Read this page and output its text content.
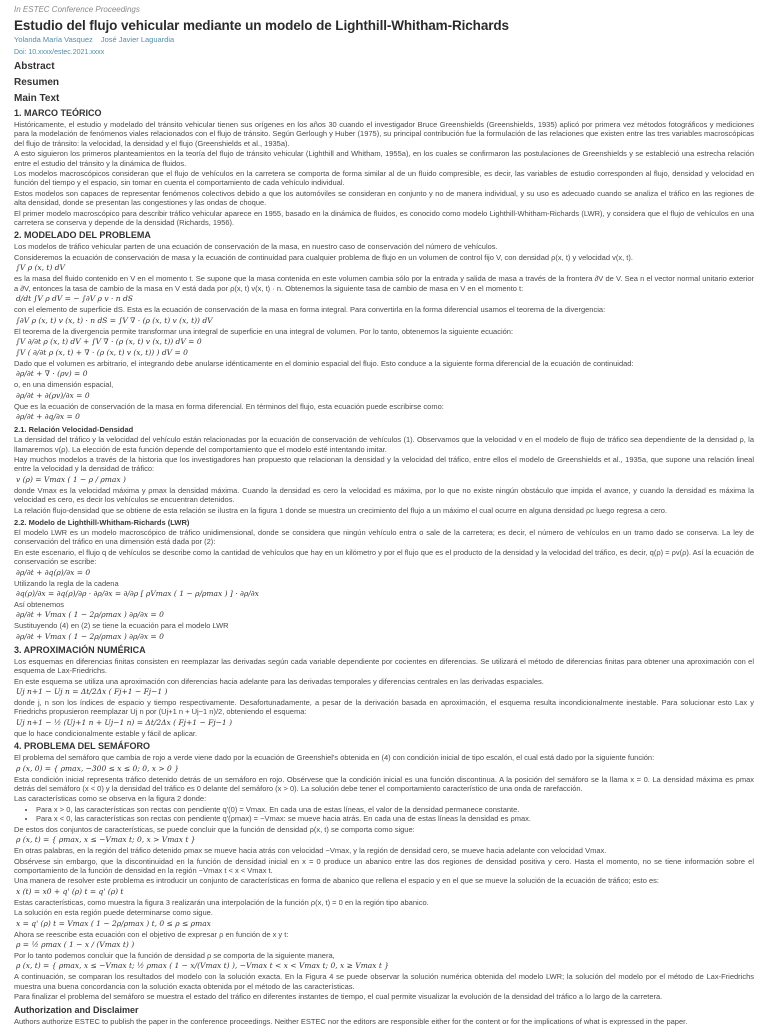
In ESTEC Conference Proceedings
Estudio del flujo vehicular mediante un modelo de Lighthill-Whitham-Richards
Yolanda María Vasquez José Javier Laguardia
Doi: 10.xxxx/estec.2021.xxxx
Abstract
Resumen
Main Text
1. MARCO TEÓRICO
Históricamente, el estudio y modelado del tránsito vehicular tienen sus orígenes en los años 30 cuando el investigador Bruce Greenshields (Greenshields, 1935) aplicó por primera vez métodos fotográficos y mediciones para la modelación de fenómenos viales relacionados con el flujo de tránsito. Según Gerlough y Huber (1975), su principal contribución fue la formulación de las relaciones que existen entre las tres variables macroscópicas del flujo de tránsito: la velocidad, la densidad y el flujo (Greenshields et al., 1935a).
A esto siguieron los primeros planteamientos en la teoría del flujo de tránsito vehicular (Lighthill and Whitham, 1955a), en los cuales se confirmaron las postulaciones de Greenshields y se estableció una estrecha relación entre el estudio del tránsito y la dinámica de fluidos.
Los modelos macroscópicos consideran que el flujo de vehículos en la carretera se comporta de forma similar al de un fluido compresible, es decir, las variables de estudio corresponden al flujo, densidad y velocidad en función del tiempo y el espacio, sin tomar en cuenta el comportamiento de cada vehículo individual.
Estos modelos son capaces de representar fenómenos colectivos debido a que los automóviles se consideran en conjunto y no de manera individual, y su uso es adecuado cuando se analiza el tráfico en las regiones de alta densidad, donde se presentan las congestiones y las ondas de choque.
El primer modelo macroscópico para describir tráfico vehicular aparece en 1955, basado en la dinámica de fluidos, es conocido como modelo Lighthill-Whitham-Richards (LWR), y considera que el flujo de vehículos en una carretera se conserva y depende de la densidad (Richards, 1956).
2. MODELADO DEL PROBLEMA
Los modelos de tráfico vehicular parten de una ecuación de conservación de la masa, en nuestro caso de conservación del número de vehículos.
Consideremos la ecuación de conservación de masa y la ecuación de continuidad para cualquier problema de flujo en un volumen de control fijo V, con densidad ρ(x, t) y velocidad v(x, t).
∫V ρ (x, t) dV
es la masa del fluido contenido en V en el momento t. Se supone que la masa contenida en este volumen cambia sólo por la entrada y salida de masa a través de la frontera ∂V de V. Sea n el vector normal unitario exterior a ∂V, entonces la tasa de cambio de la masa en V está dada por ρ(x, t) v(x, t) · n. Obtenemos la siguiente tasa de cambio de masa en V en el momento t:
d/dt ∫V ρ dV = − ∫∂V ρ v · n dS
con el elemento de superficie dS. Esta es la ecuación de conservación de la masa en forma integral. Para convertirla en la forma diferencial usamos el teorema de la divergencia:
∫∂V ρ (x, t) v (x, t) · n dS = ∫V ∇ · (ρ (x, t) v (x, t)) dV
El teorema de la divergencia permite transformar una integral de superficie en una integral de volumen. Por lo tanto, obtenemos la siguiente ecuación:
∫V ∂/∂t ρ (x, t) dV + ∫V ∇ · (ρ (x, t) v (x, t)) dV = 0
∫V ( ∂/∂t ρ (x, t) + ∇ · (ρ (x, t) v (x, t)) ) dV = 0
Dado que el volumen es arbitrario, el integrando debe anularse idénticamente en el dominio espacial del flujo. Esto conduce a la siguiente forma diferencial de la ecuación de continuidad:
∂ρ/∂t + ∇ · (ρv) = 0
o, en una dimensión espacial,
∂ρ/∂t + ∂(ρv)/∂x = 0
Que es la ecuación de conservación de la masa en forma diferencial. En términos del flujo, esta ecuación puede escribirse como:
∂ρ/∂t + ∂q/∂x = 0
2.1. Relación Velocidad-Densidad
La densidad del tráfico y la velocidad del vehículo están relacionadas por la ecuación de conservación de vehículos (1). Observamos que la velocidad v en el modelo de flujo de tráfico sea dependiente de la densidad ρ, la llamaremos v(ρ). La elección de esta función depende del comportamiento que el modelo esté intentando imitar.
Hay muchos modelos a través de la historia que los investigadores han propuesto que relacionan la densidad y la velocidad del tráfico, entre ellos el modelo de Greenshields et al., 1935a, que supone una relación lineal entre la velocidad y la densidad de tráfico:
v (ρ) = Vmax ( 1 − ρ / ρmax )
donde Vmax es la velocidad máxima y ρmax la densidad máxima. Cuando la densidad es cero la velocidad es máxima, por lo que no existe ningún obstáculo que impida el avance, y cuando la densidad es máxima la velocidad es cero, es decir los vehículos se encuentran detenidos.
La relación flujo-densidad que se obtiene de esta relación se ilustra en la figura 1 donde se muestra un crecimiento del flujo a un máximo el cual ocurre en alguna densidad ρc luego regresa a cero.
2.2. Modelo de Lighthill-Whitham-Richards (LWR)
El modelo LWR es un modelo macroscópico de tráfico unidimensional, donde se considera que ningún vehículo entra o sale de la carretera; es decir, el número de vehículos en un tramo dado se conserva. La ley de conservación del tráfico en una dimensión está dada por (2):
En este escenario, el flujo q de vehículos se describe como la cantidad de vehículos que hay en un kilómetro y por el flujo que es el producto de la densidad y la velocidad del tráfico, es decir, q(ρ) = ρv(ρ). Así la ecuación de conservación se escribe:
∂ρ/∂t + ∂q(ρ)/∂x = 0
Utilizando la regla de la cadena
∂q(ρ)/∂x = ∂q(ρ)/∂ρ · ∂ρ/∂x = ∂/∂ρ [ ρVmax ( 1 − ρ/ρmax ) ] · ∂ρ/∂x
Así obtenemos
∂ρ/∂t + Vmax ( 1 − 2ρ/ρmax ) ∂ρ/∂x = 0
Sustituyendo (4) en (2) se tiene la ecuación para el modelo LWR
∂ρ/∂t + Vmax ( 1 − 2ρ/ρmax ) ∂ρ/∂x = 0
3. APROXIMACIÓN NUMÉRICA
Los esquemas en diferencias finitas consisten en reemplazar las derivadas según cada variable dependiente por cocientes en diferencias. Se utilizará el método de diferencias finitas para obtener una aproximación con el esquema de Lax-Friedrichs.
En este esquema se utiliza una aproximación con diferencias hacia adelante para las derivadas temporales y diferencias centrales en las derivadas espaciales.
Uj n+1 − Uj n = Δt/2Δx ( Fj+1 − Fj−1 )
donde j, n son los índices de espacio y tiempo respectivamente. Desafortunadamente, a pesar de la derivación basada en aproximación, el esquema resulta incondicionalmente inestable. Para solucionar esto Lax y Friedrichs propusieron reemplazar Uj n por (Uj+1 n + Uj−1 n)/2, obteniendo el esquema:
Uj n+1 − ½ (Uj+1 n + Uj−1 n) = Δt/2Δx ( Fj+1 − Fj−1 )
que lo hace condicionalmente estable y fácil de aplicar.
4. PROBLEMA DEL SEMÁFORO
El problema del semáforo que cambia de rojo a verde viene dado por la ecuación de Greenshiel's obtenida en (4) con condición inicial de tipo escalón, el cual está dado por la siguiente función:
ρ (x, 0) = { ρmax, −300 ≤ x ≤ 0; 0, x > 0 }
Esta condición inicial representa tráfico detenido detrás de un semáforo en rojo. Obsérvese que la condición inicial es una función discontinua. A la posición del semáforo se la llama x = 0. La densidad máxima es ρmax detrás del semáforo (x < 0) y la densidad del tráfico es 0 delante del semáforo (x > 0). La solución debe tener el comportamiento característico de una onda de rarefacción.
Las características como se observa en la figura 2 donde:
• Para x > 0, las características son rectas con pendiente q'(0) = Vmax. En cada una de estas líneas, el valor de la densidad permanece constante.
• Para x < 0, las características son rectas con pendiente q'(ρmax) = −Vmax: se mueve hacia atrás. En cada una de estas líneas la densidad es ρmax.
De estos dos conjuntos de características, se puede concluir que la función de densidad ρ(x, t) se comporta como sigue:
ρ (x, t) = { ρmax, x ≤ −Vmax t; 0, x > Vmax t }
En otras palabras, en la región del tráfico detenido ρmax se mueve hacia atrás con velocidad −Vmax, y la región de densidad cero, se mueve hacia adelante con velocidad Vmax.
Obsérvese sin embargo, que la discontinuidad en la función de densidad inicial en x = 0 produce un abanico entre las dos regiones de densidad positiva y cero. Hasta el momento, no se tiene información sobre el comportamiento de la función de densidad en la región −Vmax t < x < Vmax t.
Una manera de resolver este problema es introducir un conjunto de características en forma de abanico que rellena el espacio y en el que se mueve la solución de la ecuación de tráfico; esto es:
x (t) = x0 + q' (ρ) t = q' (ρ) t
Estas características, como muestra la figura 3 realizarán una interpolación de la función ρ(x, t) = 0 en la región tipo abanico.
La solución en esta región puede determinarse como sigue.
x = q' (ρ) t = Vmax ( 1 − 2ρ/ρmax ) t, 0 ≤ ρ ≤ ρmax
Ahora se reescribe esta ecuación con el objetivo de expresar ρ en función de x y t:
ρ = ½ ρmax ( 1 − x / (Vmax t) )
Por lo tanto podemos concluir que la función de densidad ρ se comporta de la siguiente manera,
ρ (x, t) = { ρmax, x ≤ −Vmax t; ½ ρmax ( 1 − x/(Vmax t) ), −Vmax t < x < Vmax t; 0, x ≥ Vmax t }
A continuación, se comparan los resultados del modelo con la solución exacta. En la Figura 4 se puede observar la solución numérica obtenida del modelo LWR; la solución del modelo por el método de Lax-Friedrichs muestra una buena concordancia con la solución exacta obtenida por el método de las características.
Para finalizar el problema del semáforo se muestra el estado del tráfico en diferentes instantes de tiempo, el cual permite visualizar la evolución de la densidad del tráfico a lo largo de la carretera.
Authorization and Disclaimer
Authors authorize ESTEC to publish the paper in the conference proceedings. Neither ESTEC nor the editors are responsible either for the content or for the implications of what is expressed in the paper.
